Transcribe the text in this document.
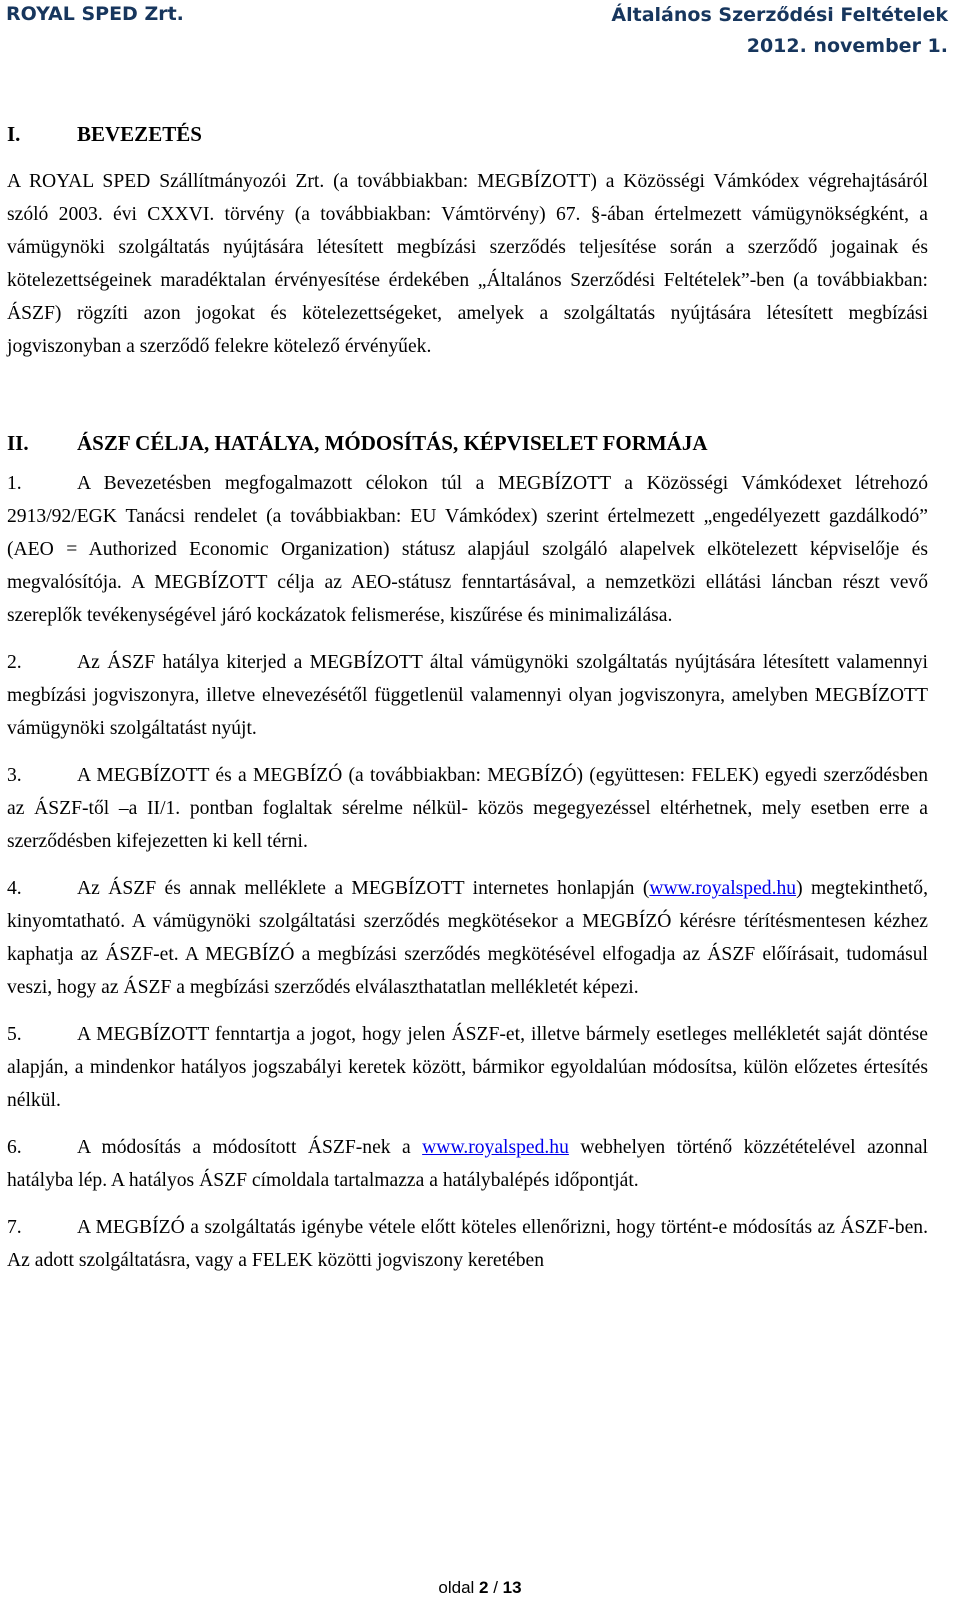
ROYAL SPED Zrt.	Általános Szerződési Feltételek
2012. november 1.
I.	BEVEZETÉS

A ROYAL SPED Szállítmányozói Zrt. (a továbbiakban: MEGBÍZOTT) a Közösségi Vámkódex végrehajtásáról szóló 2003. évi CXXVI. törvény (a továbbiakban: Vámtörvény) 67. §-ában értelmezett vámügynökségként, a vámügynöki szolgáltatás nyújtására létesített megbízási szerződés teljesítése során a szerződő jogainak és kötelezettségeinek maradéktalan érvényesítése érdekében „Általános Szerződési Feltételek”-ben (a továbbiakban: ÁSZF) rögzíti azon jogokat és kötelezettségeket, amelyek a szolgáltatás nyújtására létesített megbízási jogviszonyban a szerződő felekre kötelező érvényűek.

II.	ÁSZF CÉLJA, HATÁLYA, MÓDOSÍTÁS, KÉPVISELET FORMÁJA

1.	A Bevezetésben megfogalmazott célokon túl a MEGBÍZOTT a Közösségi Vámkódexet létrehozó 2913/92/EGK Tanácsi rendelet (a továbbiakban: EU Vámkódex) szerint értelmezett „engedélyezett gazdálkodó” (AEO = Authorized Economic Organization) státusz alapjául szolgáló alapelvek elkötelezett képviselője és megvalósítója. A MEGBÍZOTT célja az AEO-státusz fenntartásával, a nemzetközi ellátási láncban részt vevő szereplők tevékenységével járó kockázatok felismerése, kiszűrése és minimalizálása.

2.	Az ÁSZF hatálya kiterjed a MEGBÍZOTT által vámügynöki szolgáltatás nyújtására létesített valamennyi megbízási jogviszonyra, illetve elnevezésétől függetlenül valamennyi olyan jogviszonyra, amelyben MEGBÍZOTT vámügynöki szolgáltatást nyújt.

3.	A MEGBÍZOTT és a MEGBÍZÓ (a továbbiakban: MEGBÍZÓ) (együttesen: FELEK) egyedi szerződésben az ÁSZF-től –a II/1. pontban foglaltak sérelme nélkül- közös megegyezéssel eltérhetnek, mely esetben erre a szerződésben kifejezetten ki kell térni.

4.	Az ÁSZF és annak melléklete a MEGBÍZOTT internetes honlapján (www.royalsped.hu) megtekinthető, kinyomtatható. A vámügynöki szolgáltatási szerződés megkötésekor a MEGBÍZÓ kérésre térítésmentesen kézhez kaphatja az ÁSZF-et. A MEGBÍZÓ a megbízási szerződés megkötésével elfogadja az ÁSZF előírásait, tudomásul veszi, hogy az ÁSZF a megbízási szerződés elválaszthatatlan mellékletét képezi.

5.	A MEGBÍZOTT fenntartja a jogot, hogy jelen ÁSZF-et, illetve bármely esetleges mellékletét saját döntése alapján, a mindenkor hatályos jogszabályi keretek között, bármikor egyoldalúan módosítsa, külön előzetes értesítés nélkül.

6.	A módosítás a módosított ÁSZF-nek a www.royalsped.hu webhelyen történő közzétételével azonnal hatályba lép. A hatályos ÁSZF címoldala tartalmazza a hatálybalépés időpontját.

7.	A MEGBÍZÓ a szolgáltatás igénybe vétele előtt köteles ellenőrizni, hogy történt-e módosítás az ÁSZF-ben. Az adott szolgáltatásra, vagy a FELEK közötti jogviszony keretében

oldal 2 / 13
